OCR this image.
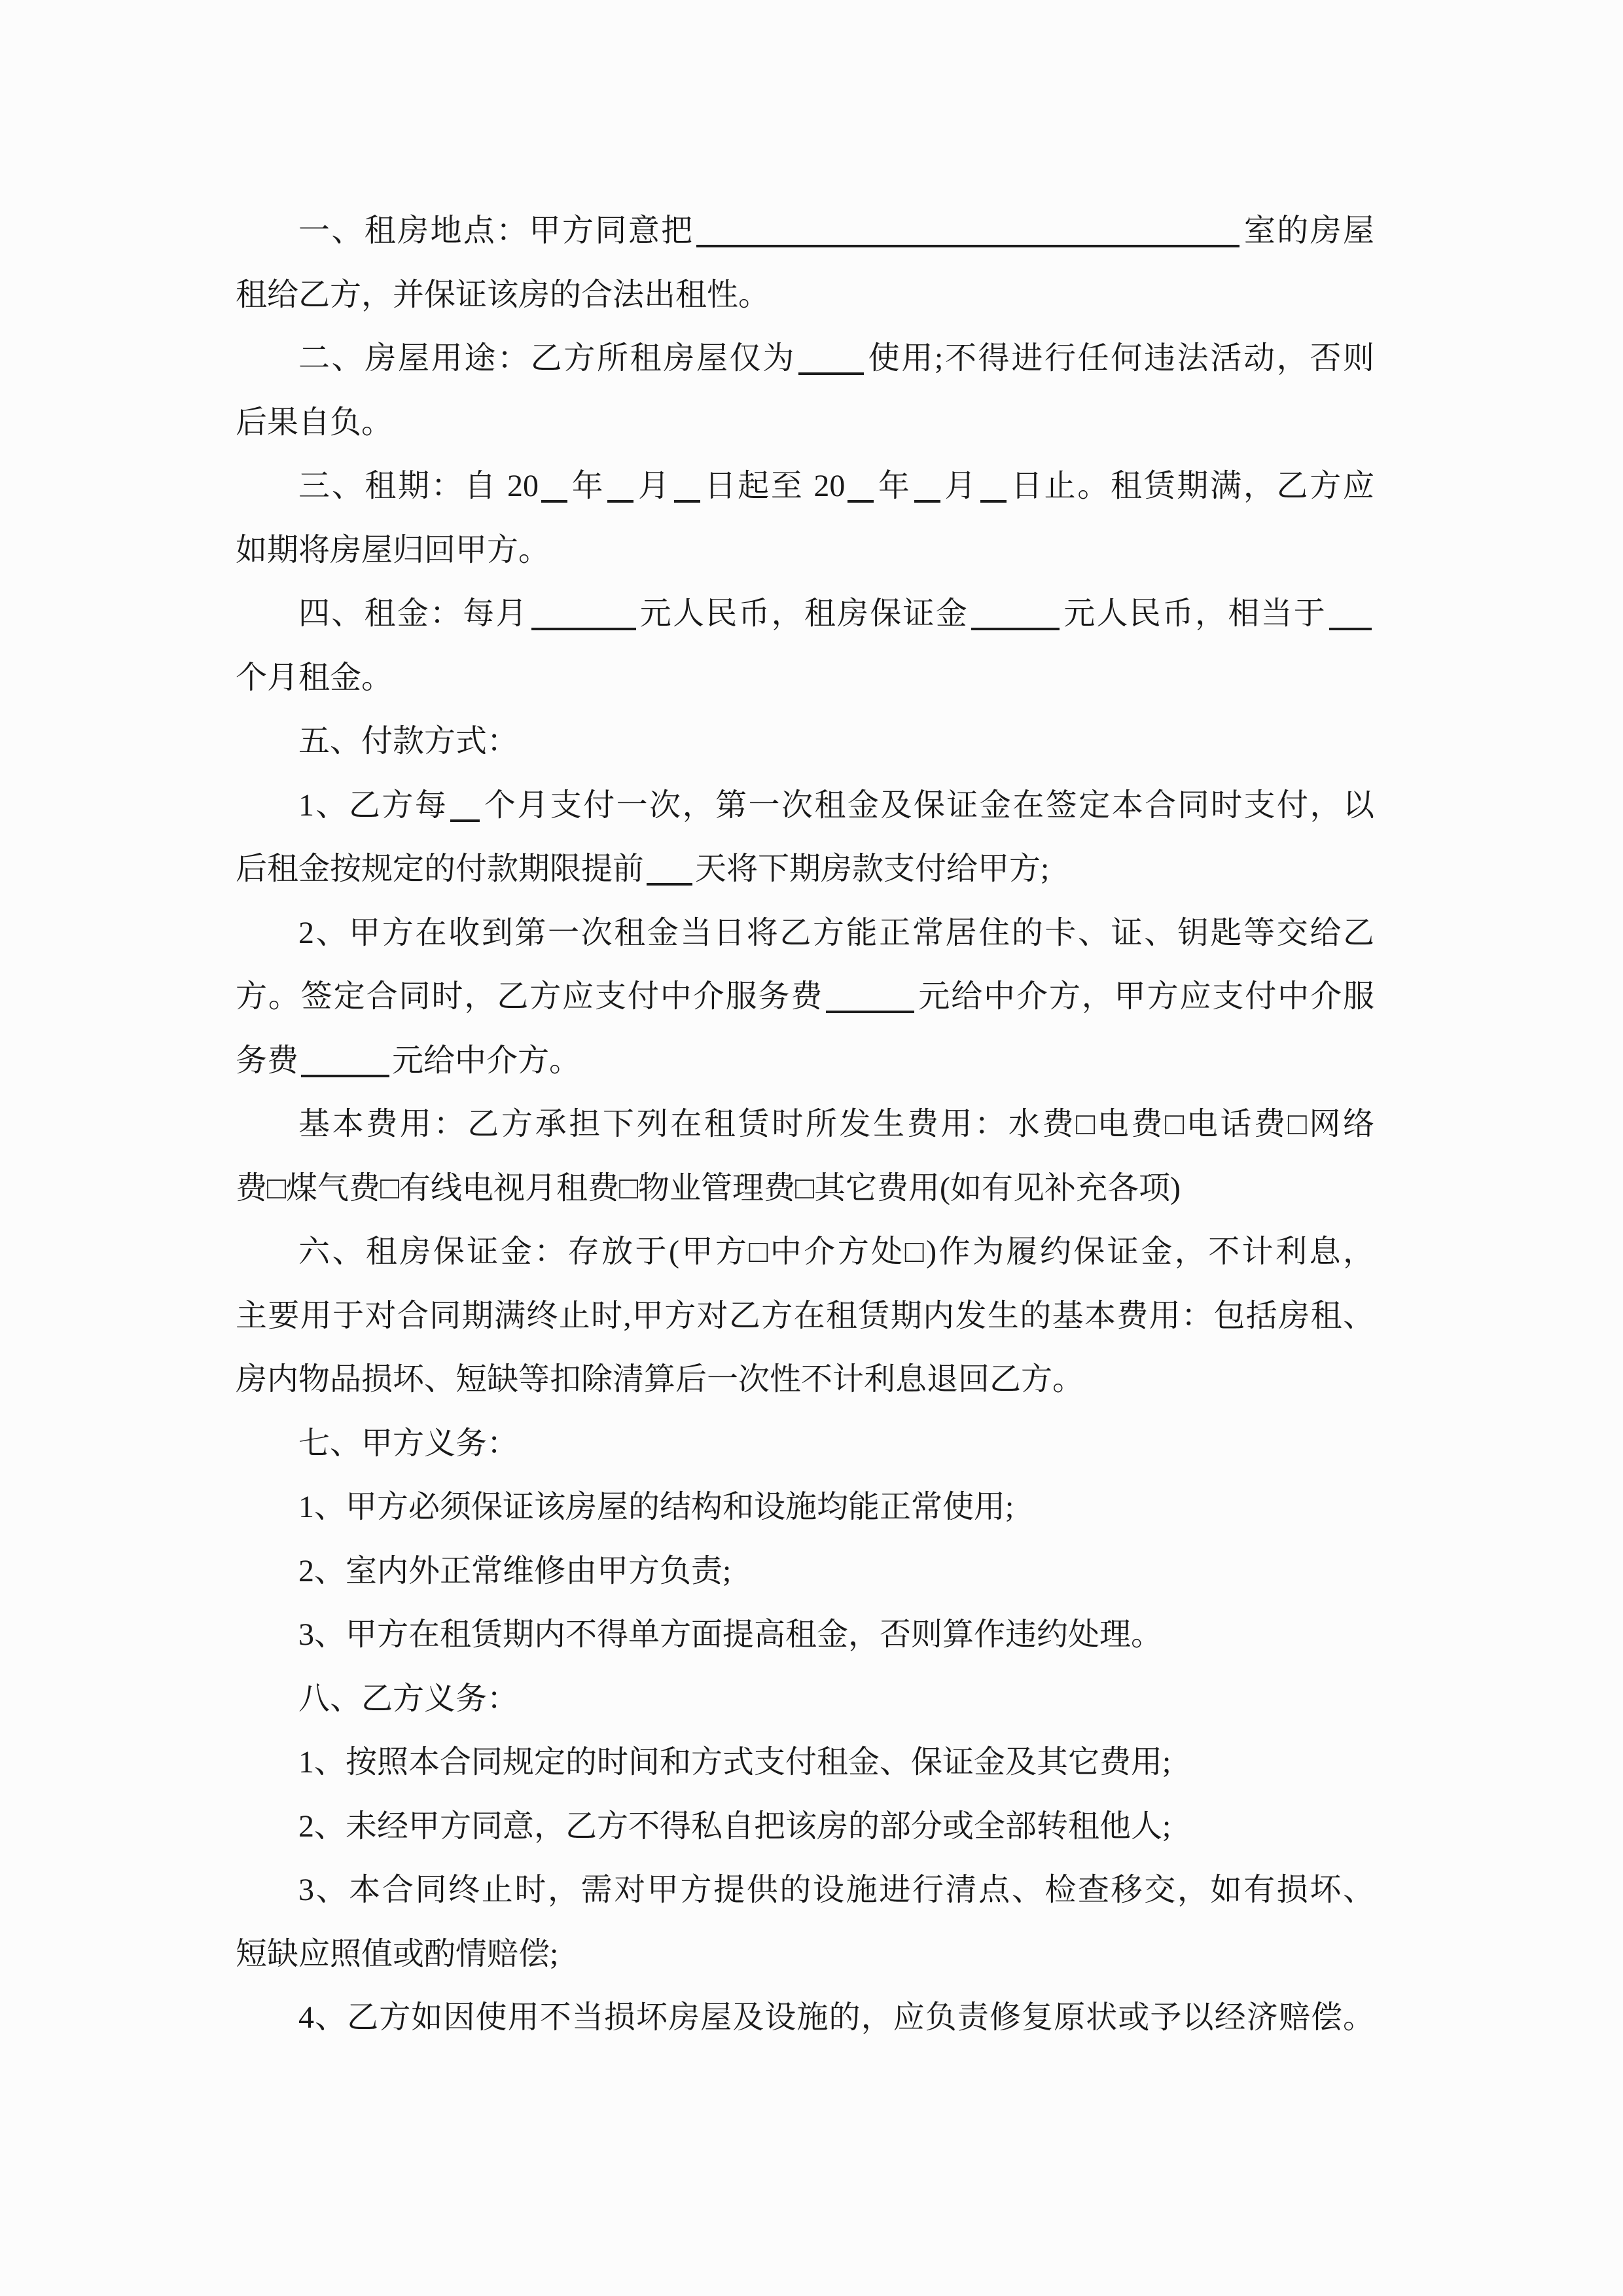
一、租房地点：甲方同意把	室的房屋
租给乙方，并保证该房的合法出租性。
二、房屋用途：乙方所租房屋仅为 使用;不得进行任何违法活动，否则
后果自负。
三、租期：自 20 年 月 日起至 20 年 月 日止。租赁期满，乙方应
如期将房屋归回甲方。
四、租金：每月	元人民币，租房保证金	元人民币，相当于
个月租金。
五、付款方式：
1、乙方每 个月支付一次，第一次租金及保证金在签定本合同时支付，以
后租金按规定的付款期限提前 天将下期房款支付给甲方;
2、甲方在收到第一次租金当日将乙方能正常居住的卡、证、钥匙等交给乙
方。签定合同时，乙方应支付中介服务费	元给中介方，甲方应支付中介服
务费	元给中介方。
基本费用：乙方承担下列在租赁时所发生费用：水费□电费□电话费□网络
费□煤气费□有线电视月租费□物业管理费□其它费用(如有见补充各项)
六、租房保证金：存放于(甲方□中介方处□)作为履约保证金，不计利息，
主要用于对合同期满终止时,甲方对乙方在租赁期内发生的基本费用：包括房租、
房内物品损坏、短缺等扣除清算后一次性不计利息退回乙方。
七、甲方义务：
1、甲方必须保证该房屋的结构和设施均能正常使用;
2、室内外正常维修由甲方负责;
3、甲方在租赁期内不得单方面提高租金，否则算作违约处理。
八、乙方义务：
1、按照本合同规定的时间和方式支付租金、保证金及其它费用;
2、未经甲方同意，乙方不得私自把该房的部分或全部转租他人;
3、本合同终止时，需对甲方提供的设施进行清点、检查移交，如有损坏、
短缺应照值或酌情赔偿;
4、乙方如因使用不当损坏房屋及设施的，应负责修复原状或予以经济赔偿。
